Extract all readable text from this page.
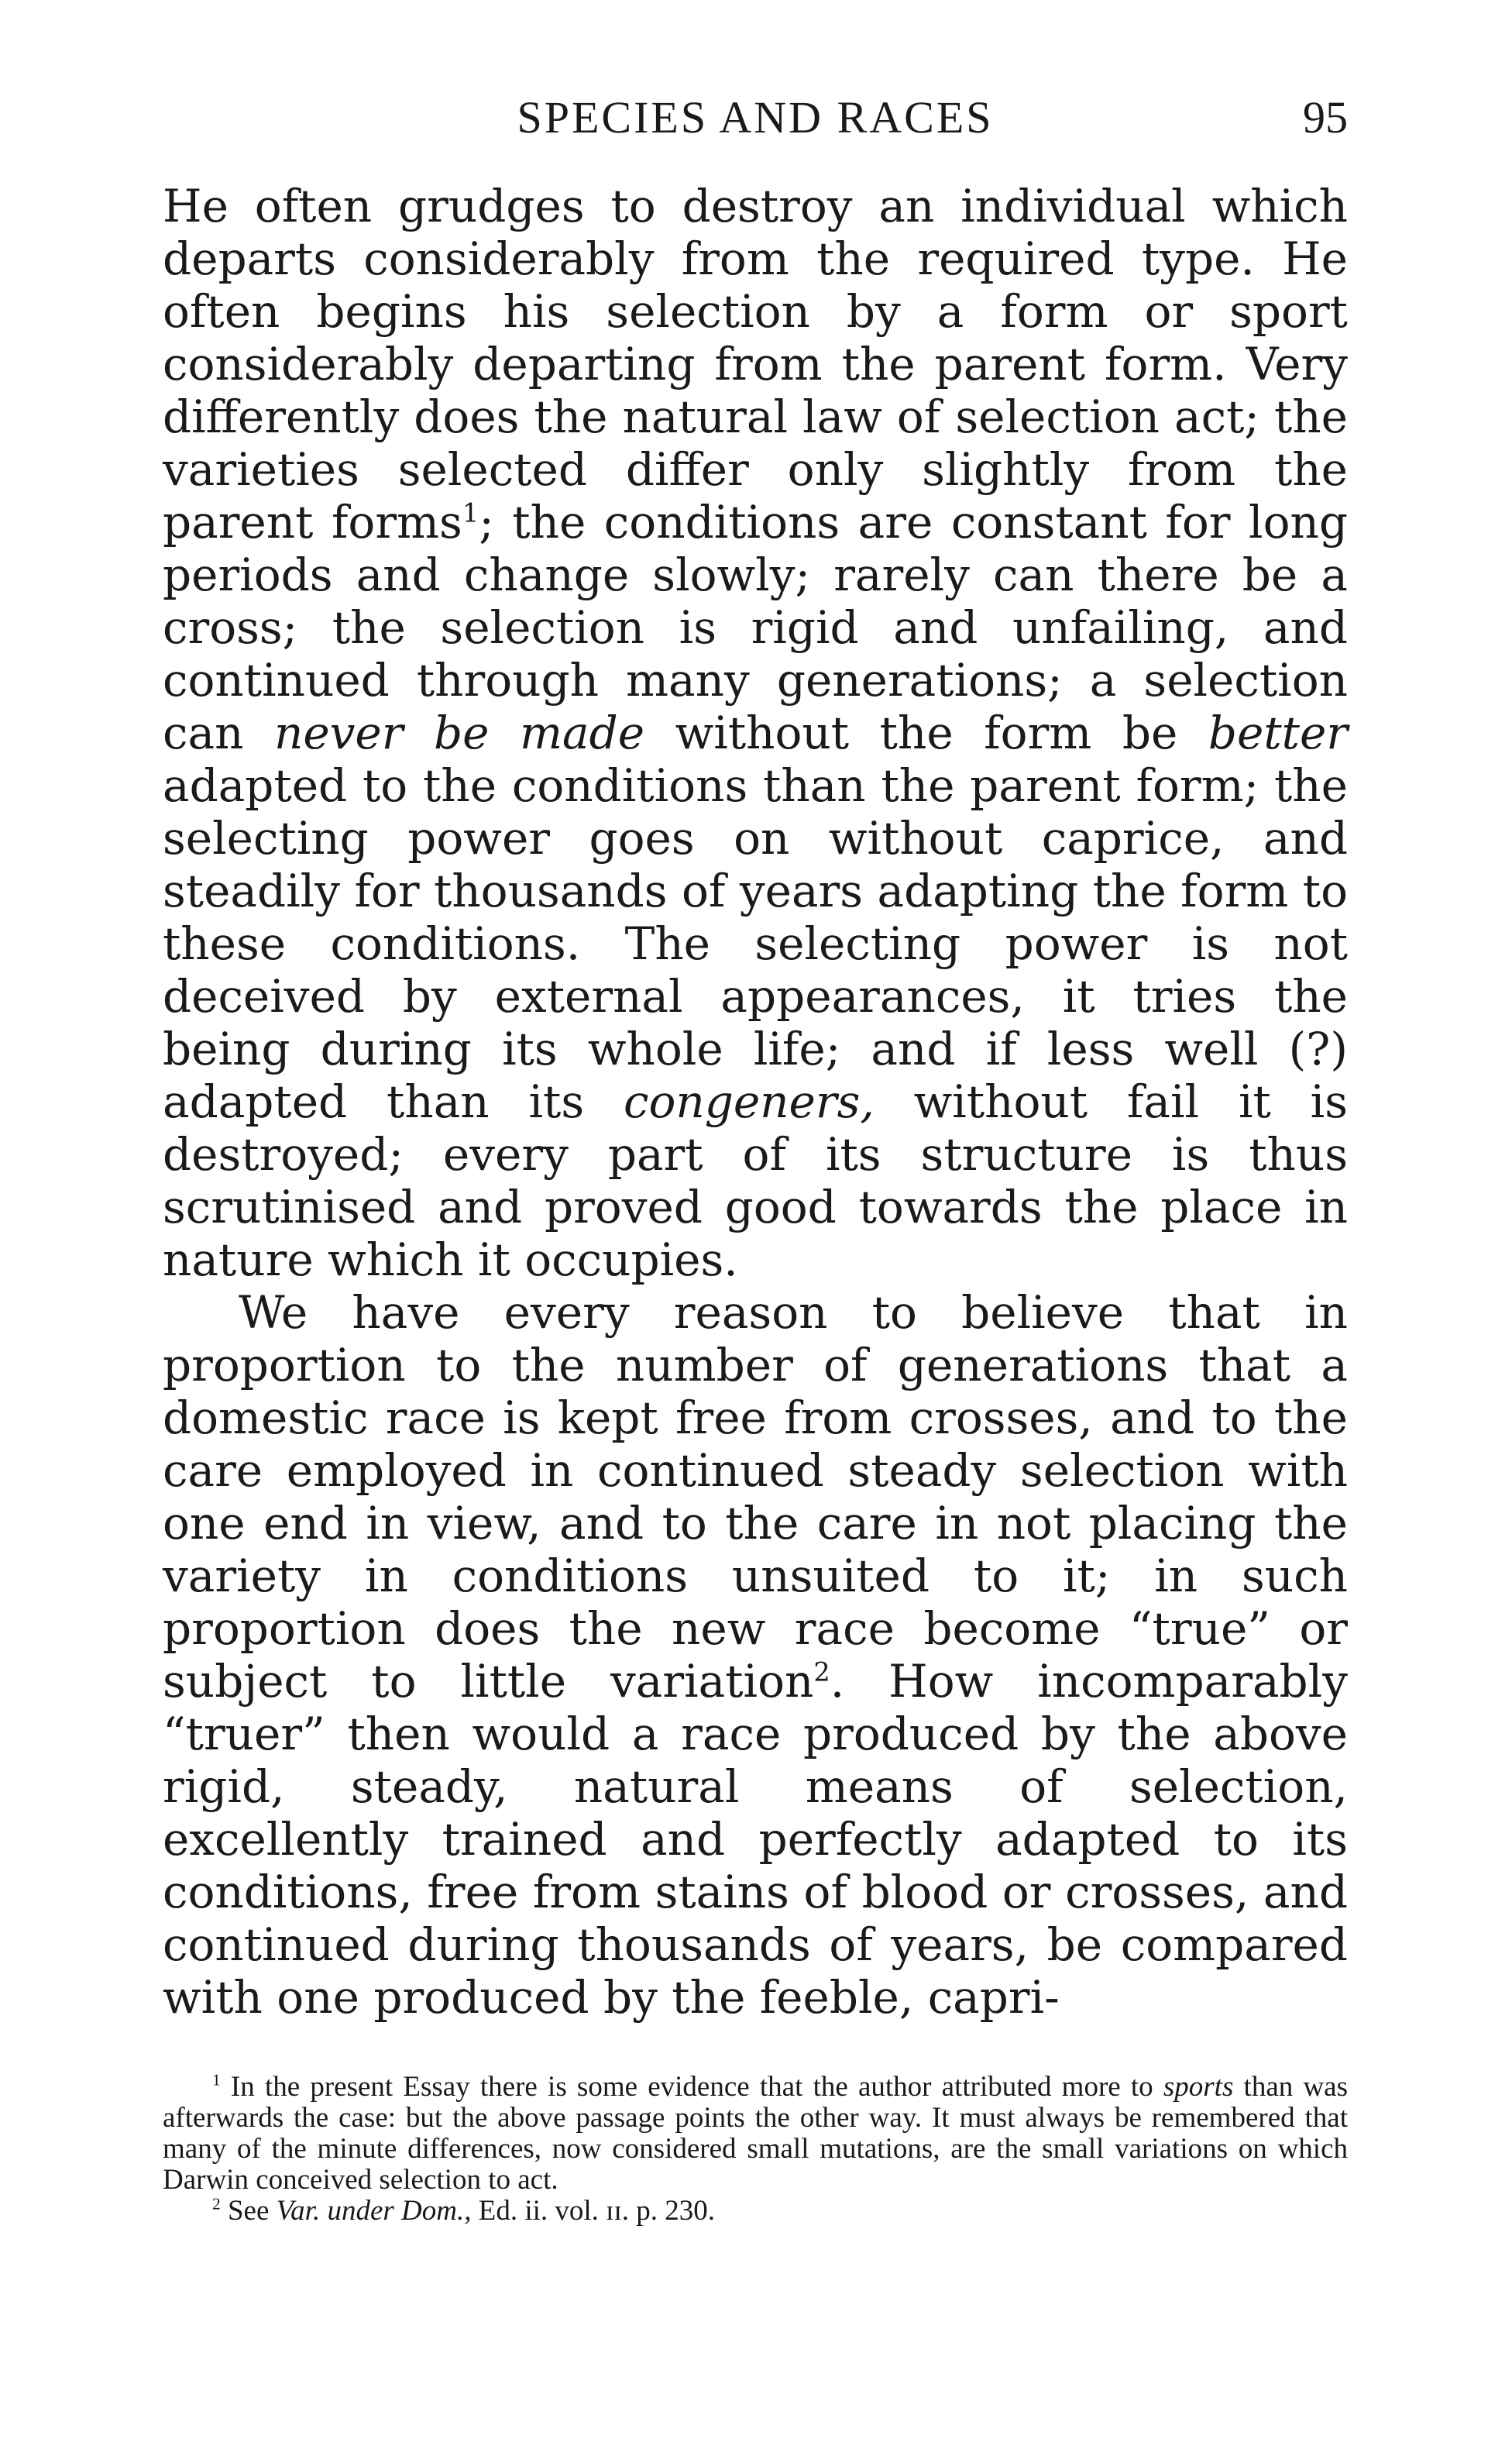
SPECIES AND RACES	95

He often grudges to destroy an individual which departs considerably from the required type. He often begins his selection by a form or sport considerably departing from the parent form. Very differently does the natural law of selection act; the varieties selected differ only slightly from the parent forms$^1$; the conditions are constant for long periods and change slowly; rarely can there be a cross; the selection is rigid and unfailing, and continued through many generations; a selection can never be made without the form be better adapted to the conditions than the parent form; the selecting power goes on without caprice, and steadily for thousands of years adapting the form to these conditions. The selecting power is not deceived by external appearances, it tries the being during its whole life; and if less well (?) adapted than its congeners, without fail it is destroyed; every part of its structure is thus scrutinised and proved good towards the place in nature which it occupies.

We have every reason to believe that in proportion to the number of generations that a domestic race is kept free from crosses, and to the care employed in continued steady selection with one end in view, and to the care in not placing the variety in conditions unsuited to it; in such proportion does the new race become “true” or subject to little variation$^2$. How incomparably “truer” then would a race produced by the above rigid, steady, natural means of selection, excellently trained and perfectly adapted to its conditions, free from stains of blood or crosses, and continued during thousands of years, be compared with one produced by the feeble, capri-

$^1$ In the present Essay there is some evidence that the author attributed more to sports than was afterwards the case: but the above passage points the other way. It must always be remembered that many of the minute differences, now considered small mutations, are the small variations on which Darwin conceived selection to act.

$^2$ See Var. under Dom., Ed. ii. vol. ɪɪ. p. 230.
